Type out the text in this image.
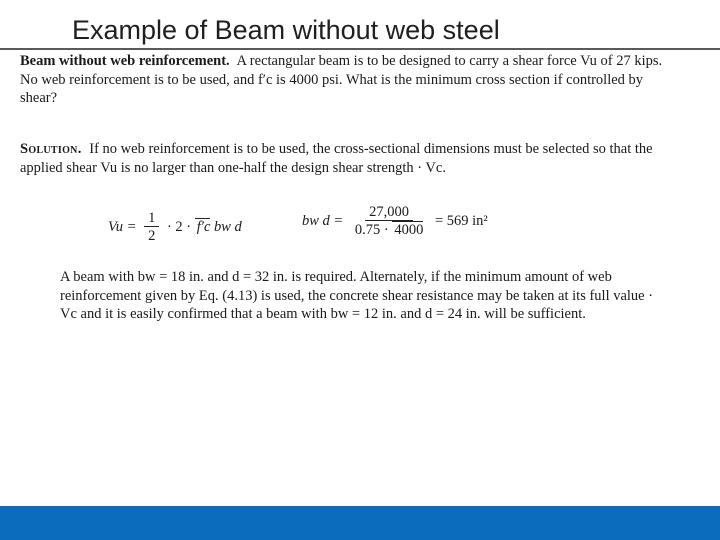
Example of Beam without web steel
Beam without web reinforcement. A rectangular beam is to be designed to carry a shear force Vu of 27 kips. No web reinforcement is to be used, and f′c is 4000 psi. What is the minimum cross section if controlled by shear?
Solution. If no web reinforcement is to be used, the cross-sectional dimensions must be selected so that the applied shear Vu is no larger than one-half the design shear strength · Vc.
$Vu = \frac{1}{2} \cdot 2 \cdot f'c$ bw d	bw $d = \frac{27,000}{0.75 \cdot 4000} = 569$ in²
A beam with bw = 18 in. and d = 32 in. is required. Alternately, if the minimum amount of web reinforcement given by Eq. (4.13) is used, the concrete shear resistance may be taken at its full value · Vc and it is easily confirmed that a beam with bw = 12 in. and d = 24 in. will be sufficient.
